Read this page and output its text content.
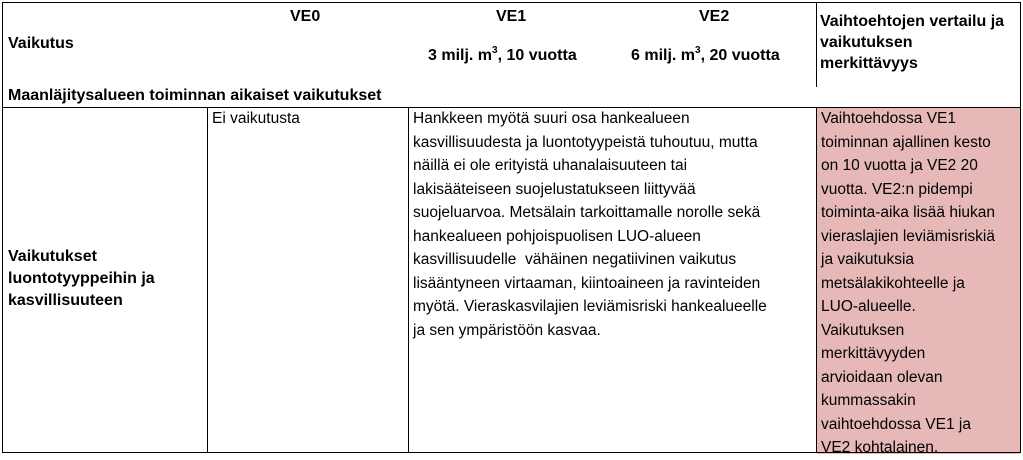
Vaikutus
VE0	VE1
3 milj. $m^3$, 10 vuotta
VE2
6 milj. $m^3$, 20 vuotta
Vaihtoehtojen vertailu ja vaikutuksen merkittävyys
Maanläjitysalueen toiminnan aikaiset vaikutukset
Vaikutukset luontotyyppeihin ja kasvillisuuteen
Ei vaikutusta	Hankkeen myötä suuri osa hankealueen
kasvillisuudesta ja luontotyypeistä tuhoutuu, mutta
näillä ei ole erityistä uhanalaisuuteen tai
lakisääteiseen suojelustatukseen liittyvää
suojeluarvoa. Metsälain tarkoittamalle norolle sekä
hankealueen pohjoispuolisen LUO-alueen
kasvillisuudelle  vähäinen negatiivinen vaikutus
lisääntyneen virtaaman, kiintoaineen ja ravinteiden
myötä. Vieraskasvilajien leviämisriski hankealueelle
ja sen ympäristöön kasvaa.
Vaihtoehdossa VE1
toiminnan ajallinen kesto
on 10 vuotta ja VE2 20
vuotta. VE2:n pidempi
toiminta-aika lisää hiukan
vieraslajien leviämisriskiä
ja vaikutuksia
metsälakikohteelle ja
LUO-alueelle.
Vaikutuksen
merkittävyyden
arvioidaan olevan
kummassakin
vaihtoehdossa VE1 ja
VE2 kohtalainen.
